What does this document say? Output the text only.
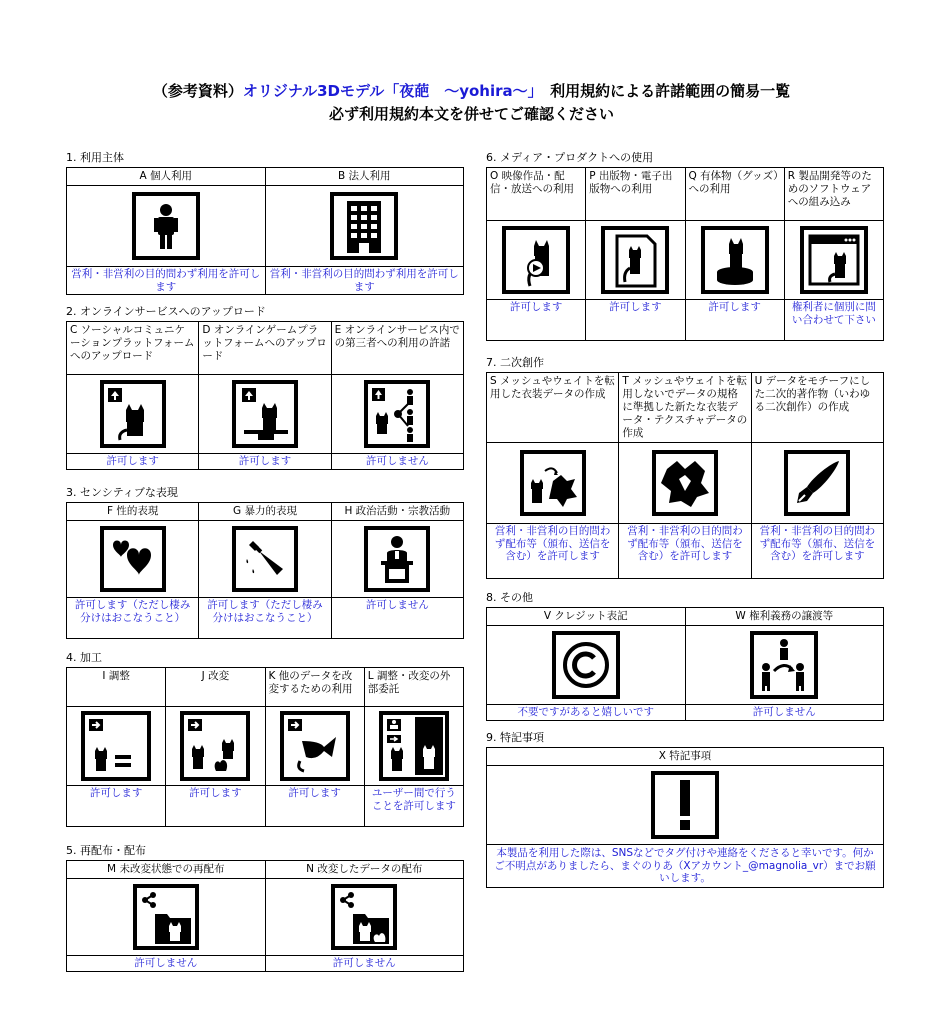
（参考資料）オリジナル3Dモデル「夜葩　〜yohira〜」　利用規約による許諾範囲の簡易一覧
必ず利用規約本文を併せてご確認ください
1. 利用主体
A 個人利用	B 法人利用

営利・非営利の目的問わず利用を許可します	営利・非営利の目的問わず利用を許可します
2. オンラインサービスへのアップロード
C ソーシャルコミュニケーションプラットフォームへのアップロード	D オンラインゲームプラットフォームへのアップロード	E オンラインサービス内での第三者への利用の許諾

許可します	許可します	許可しません
3. センシティブな表現
F 性的表現	G 暴力的表現	H 政治活動・宗教活動

許可します（ただし棲み分けはおこなうこと）	許可します（ただし棲み分けはおこなうこと）	許可しません
4. 加工
I 調整	J 改変	K 他のデータを改変するための利用	L 調整・改変の外部委託

許可します	許可します	許可します	ユーザー間で行うことを許可します
5. 再配布・配布
M 未改変状態での再配布	N 改変したデータの配布

許可しません	許可しません
6. メディア・プロダクトへの使用
O 映像作品・配信・放送への利用	P 出版物・電子出版物への利用	Q 有体物（グッズ）への利用	R 製品開発等のためのソフトウェアへの組み込み

許可します	許可します	許可します	権利者に個別に問い合わせて下さい
7. 二次創作
S メッシュやウェイトを転用した衣装データの作成	T メッシュやウェイトを転用しないでデータの規格に準拠した新たな衣装データ・テクスチャデータの作成	U データをモチーフにした二次的著作物（いわゆる二次創作）の作成

営利・非営利の目的問わず配布等（頒布、送信を含む）を許可します	営利・非営利の目的問わず配布等（頒布、送信を含む）を許可します	営利・非営利の目的問わず配布等（頒布、送信を含む）を許可します
8. その他
V クレジット表記	W 権利義務の譲渡等

不要ですがあると嬉しいです	許可しません
9. 特記事項
X 特記事項

本製品を利用した際は、SNSなどでタグ付けや連絡をくださると幸いです。何かご不明点がありましたら、まぐのりあ（Xアカウント_@magnolia_vr）までお願いします。
